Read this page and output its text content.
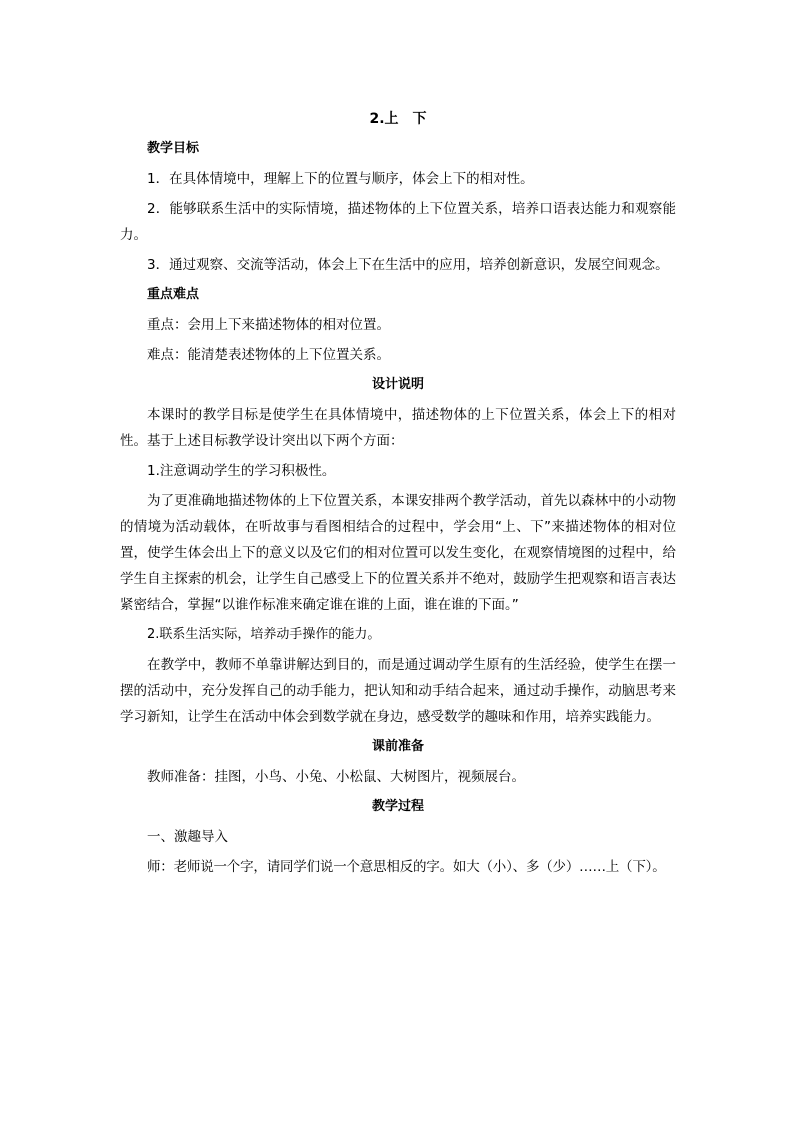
2.上　下
教学目标
1．在具体情境中，理解上下的位置与顺序，体会上下的相对性。
2．能够联系生活中的实际情境，描述物体的上下位置关系，培养口语表达能力和观察能力。
3．通过观察、交流等活动，体会上下在生活中的应用，培养创新意识，发展空间观念。
重点难点
重点：会用上下来描述物体的相对位置。
难点：能清楚表述物体的上下位置关系。
设计说明
本课时的教学目标是使学生在具体情境中，描述物体的上下位置关系，体会上下的相对性。基于上述目标教学设计突出以下两个方面：
1.注意调动学生的学习积极性。
为了更准确地描述物体的上下位置关系，本课安排两个教学活动，首先以森林中的小动物的情境为活动载体，在听故事与看图相结合的过程中，学会用“上、下”来描述物体的相对位置，使学生体会出上下的意义以及它们的相对位置可以发生变化，在观察情境图的过程中，给学生自主探索的机会，让学生自己感受上下的位置关系并不绝对，鼓励学生把观察和语言表达紧密结合，掌握“以谁作标准来确定谁在谁的上面，谁在谁的下面。”
2.联系生活实际，培养动手操作的能力。
在教学中，教师不单靠讲解达到目的，而是通过调动学生原有的生活经验，使学生在摆一摆的活动中，充分发挥自己的动手能力，把认知和动手结合起来，通过动手操作，动脑思考来学习新知，让学生在活动中体会到数学就在身边，感受数学的趣味和作用，培养实践能力。
课前准备
教师准备：挂图，小鸟、小兔、小松鼠、大树图片，视频展台。
教学过程
一、激趣导入
师：老师说一个字，请同学们说一个意思相反的字。如大（小）、多（少）……上（下）。
